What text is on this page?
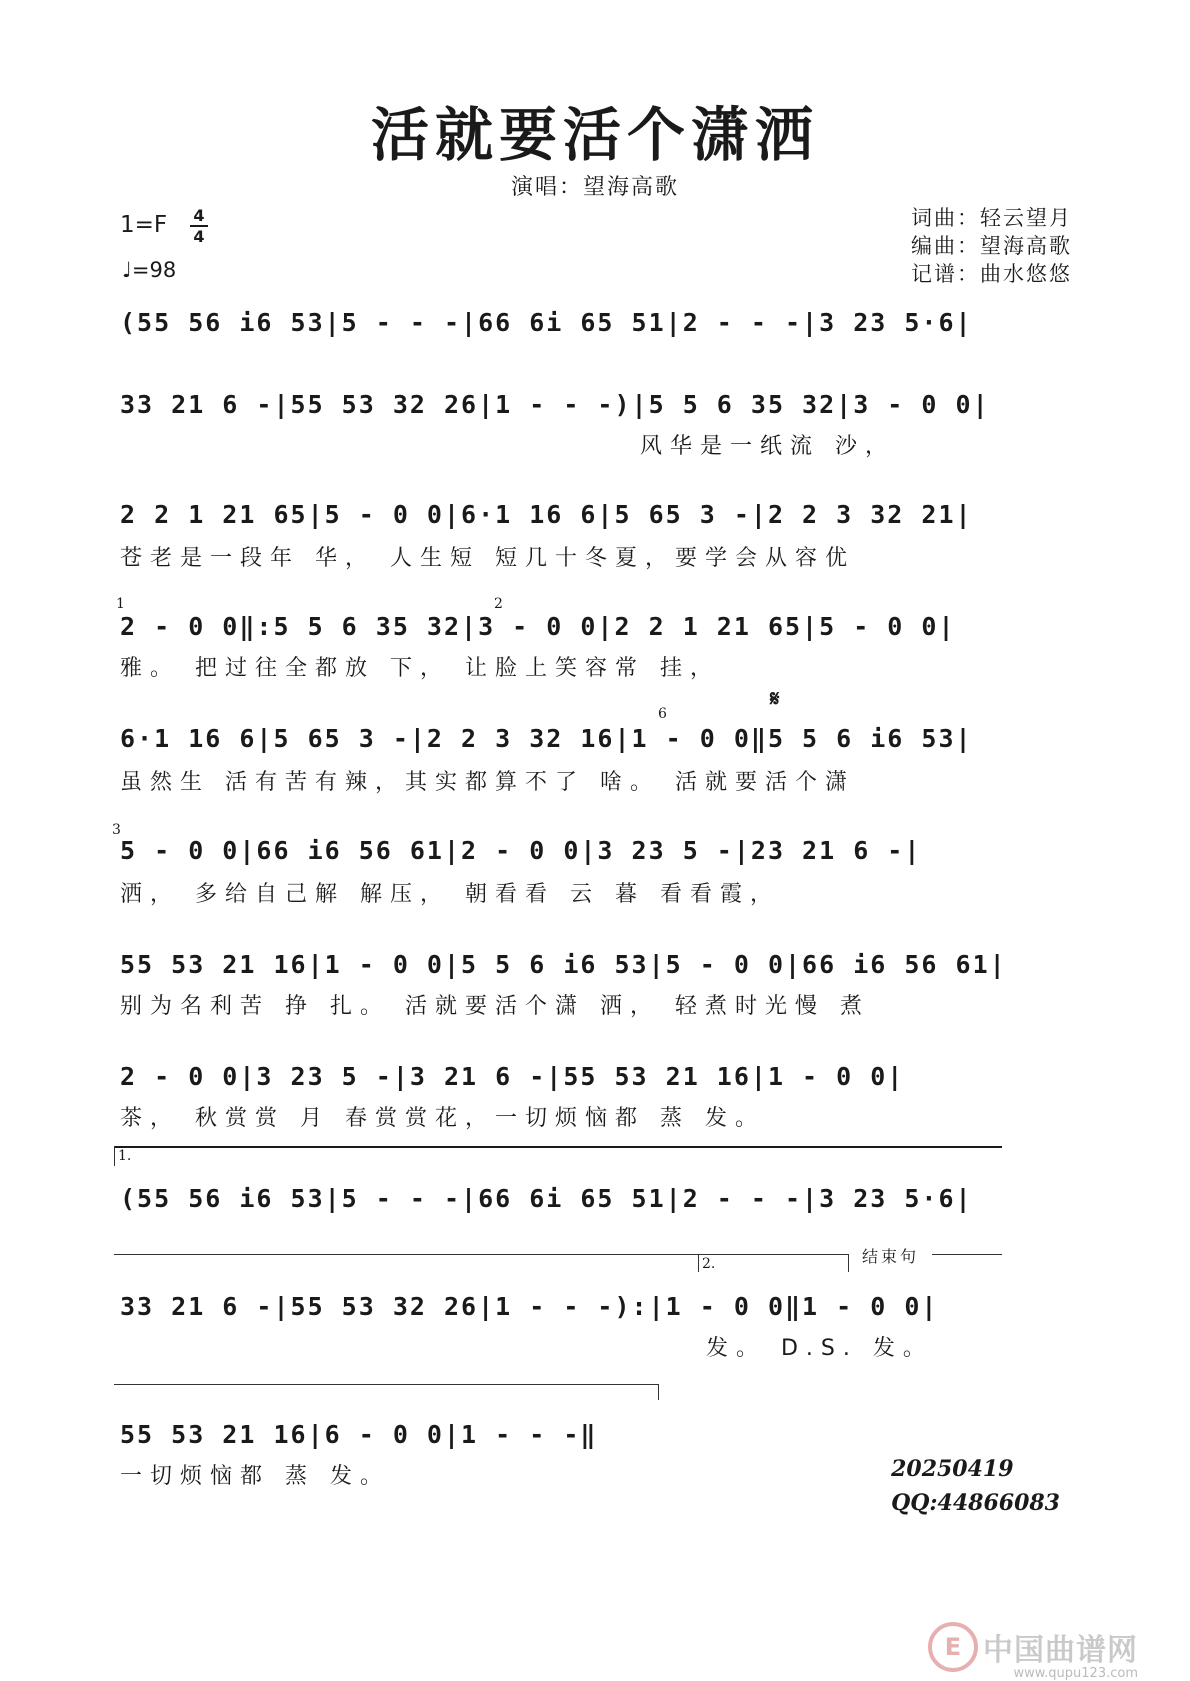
活就要活个潇洒
演唱：望海高歌
1=F 4
4
♩=98
词曲：轻云望月
编曲：望海高歌
记谱：曲水悠悠
(55 56 i6 53|5 - - -|66 6i 65 51|2 - - -|3 23 5·6|
33 21 6 -|55 53 32 26|1 - - -)|5 5 6 35 32|3 - 0 0|
风华是一纸流 沙，
2 2 1 21 65|5 - 0 0|6·1 16 6|5 65 3 -|2 2 3 32 21|
苍老是一段年 华， 人生短 短几十冬夏，要学会从容优
1	2
2 - 0 0‖:5 5 6 35 32|3 - 0 0|2 2 1 21 65|5 - 0 0|
雅。 把过往全都放 下， 让脸上笑容常 挂，
𝄋
6
6·1 16 6|5 65 3 -|2 2 3 32 16|1 - 0 0‖5 5 6 i6 53|
虽然生 活有苦有辣，其实都算不了 啥。 活就要活个潇
3
5 - 0 0|66 i6 56 61|2 - 0 0|3 23 5 -|23 21 6 -|
洒， 多给自己解 解压， 朝看看 云 暮 看看霞，
55 53 21 16|1 - 0 0|5 5 6 i6 53|5 - 0 0|66 i6 56 61|
别为名利苦 挣 扎。 活就要活个潇 洒， 轻煮时光慢 煮
2 - 0 0|3 23 5 -|3 21 6 -|55 53 21 16|1 - 0 0|
茶， 秋赏赏 月 春赏赏花，一切烦恼都 蒸 发。
1.
(55 56 i6 53|5 - - -|66 6i 65 51|2 - - -|3 23 5·6|
2.	结束句
33 21 6 -|55 53 32 26|1 - - -):|1 - 0 0‖1 - 0 0|
发。 D.S. 发。
55 53 21 16|6 - 0 0|1 - - -‖
一切烦恼都 蒸 发。	20250419
QQ:44866083
E 中国曲谱网
www.qupu123.com
